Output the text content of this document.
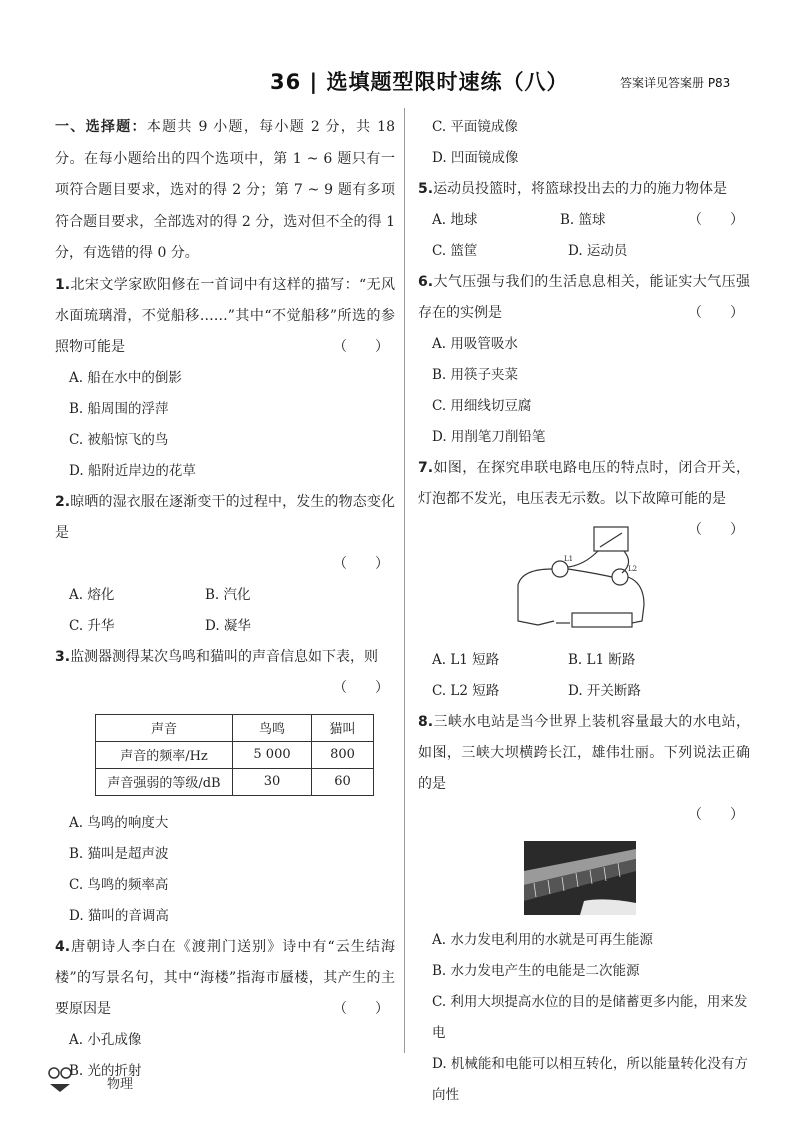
36 | 选填题型限时速练（八）	答案详见答案册 P83
一、选择题：本题共 9 小题，每小题 2 分，共 18 分。在每小题给出的四个选项中，第 1 ~ 6 题只有一项符合题目要求，选对的得 2 分；第 7 ~ 9 题有多项符合题目要求，全部选对的得 2 分，选对但不全的得 1 分，有选错的得 0 分。
1.北宋文学家欧阳修在一首词中有这样的描写：“无风水面琉璃滑，不觉船移……”其中“不觉船移”所选的参照物可能是	（　　）
A. 船在水中的倒影
B. 船周围的浮萍
C. 被船惊飞的鸟
D. 船附近岸边的花草
2.晾晒的湿衣服在逐渐变干的过程中，发生的物态变化是
（　　）
A. 熔化	B. 汽化
C. 升华	D. 凝华
3.监测器测得某次鸟鸣和猫叫的声音信息如下表，则
（　　）
声音	鸟鸣	猫叫
声音的频率/Hz	5 000	800
声音强弱的等级/dB	30	60
A. 鸟鸣的响度大
B. 猫叫是超声波
C. 鸟鸣的频率高
D. 猫叫的音调高
4.唐朝诗人李白在《渡荆门送别》诗中有“云生结海楼”的写景名句，其中“海楼”指海市蜃楼，其产生的主要原因是	（　　）
A. 小孔成像
B. 光的折射
C. 平面镜成像
D. 凹面镜成像
5.运动员投篮时，将篮球投出去的力的施力物体是
（　　）
A. 地球	B. 篮球
C. 篮筐	D. 运动员
6.大气压强与我们的生活息息相关，能证实大气压强存在的实例是	（　　）
A. 用吸管吸水
B. 用筷子夹菜
C. 用细线切豆腐
D. 用削笔刀削铅笔
7.如图，在探究串联电路电压的特点时，闭合开关，灯泡都不发光，电压表无示数。以下故障可能的是
（　　）
L1
L2
A. L1 短路	B. L1 断路
C. L2 短路	D. 开关断路
8.三峡水电站是当今世界上装机容量最大的水电站，如图，三峡大坝横跨长江，雄伟壮丽。下列说法正确的是
（　　）
A. 水力发电利用的水就是可再生能源
B. 水力发电产生的电能是二次能源
C. 利用大坝提高水位的目的是储蓄更多内能，用来发电
D. 机械能和电能可以相互转化，所以能量转化没有方向性
物理
